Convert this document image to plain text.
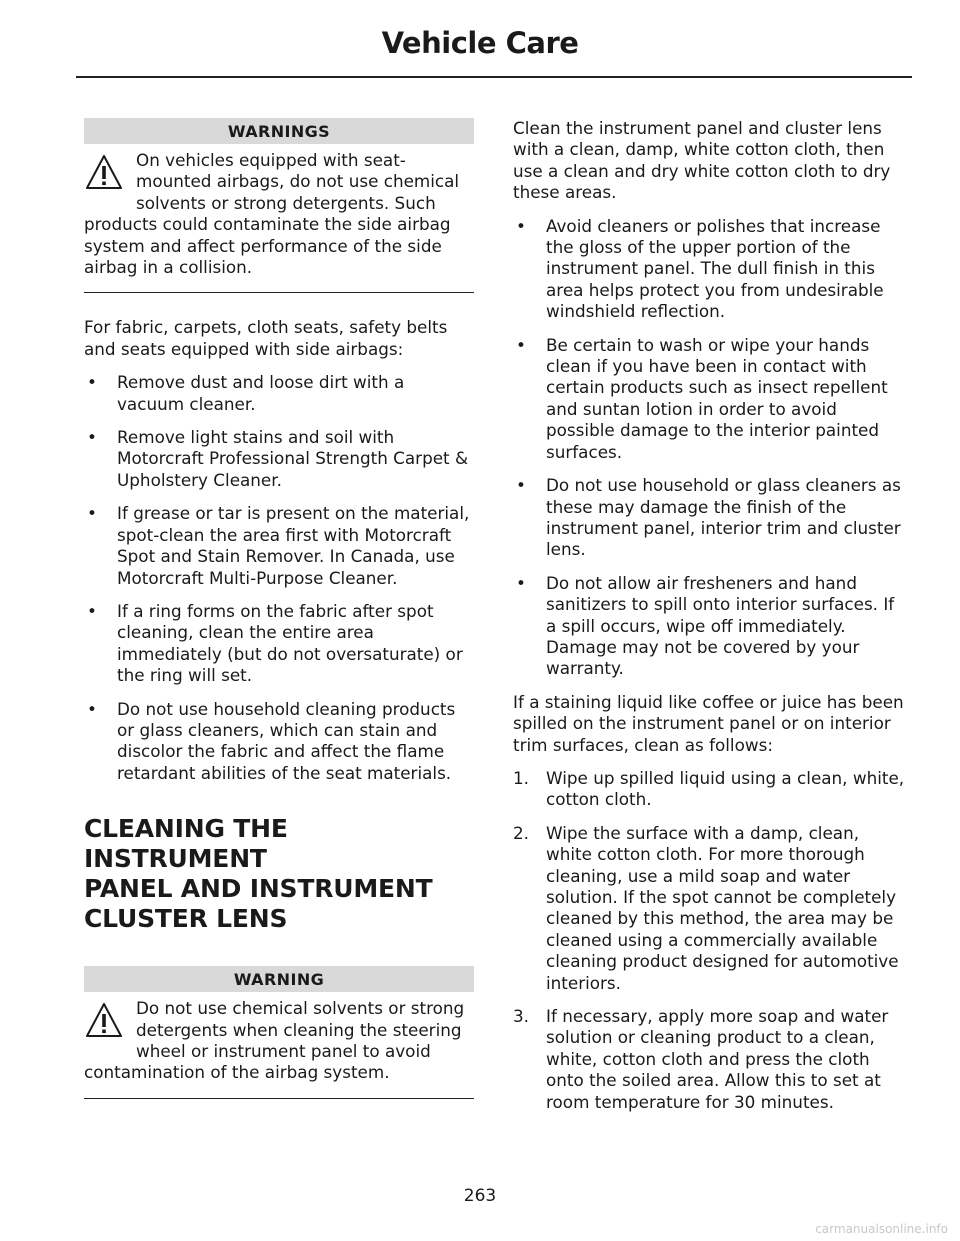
Vehicle Care
WARNINGS

On vehicles equipped with seat-mounted airbags, do not use chemical solvents or strong detergents. Such products could contaminate the side airbag system and affect performance of the side airbag in a collision.

For fabric, carpets, cloth seats, safety belts and seats equipped with side airbags:

• Remove dust and loose dirt with a vacuum cleaner.
• Remove light stains and soil with Motorcraft Professional Strength Carpet & Upholstery Cleaner.
• If grease or tar is present on the material, spot-clean the area first with Motorcraft Spot and Stain Remover. In Canada, use Motorcraft Multi-Purpose Cleaner.
• If a ring forms on the fabric after spot cleaning, clean the entire area immediately (but do not oversaturate) or the ring will set.
• Do not use household cleaning products or glass cleaners, which can stain and discolor the fabric and affect the flame retardant abilities of the seat materials.
CLEANING THE INSTRUMENT
PANEL AND INSTRUMENT
CLUSTER LENS
WARNING

Do not use chemical solvents or strong detergents when cleaning the steering wheel or instrument panel to avoid contamination of the airbag system.

Clean the instrument panel and cluster lens with a clean, damp, white cotton cloth, then use a clean and dry white cotton cloth to dry these areas.

• Avoid cleaners or polishes that increase the gloss of the upper portion of the instrument panel. The dull finish in this area helps protect you from undesirable windshield reflection.
• Be certain to wash or wipe your hands clean if you have been in contact with certain products such as insect repellent and suntan lotion in order to avoid possible damage to the interior painted surfaces.
• Do not use household or glass cleaners as these may damage the finish of the instrument panel, interior trim and cluster lens.
• Do not allow air fresheners and hand sanitizers to spill onto interior surfaces. If a spill occurs, wipe off immediately. Damage may not be covered by your warranty.

If a staining liquid like coffee or juice has been spilled on the instrument panel or on interior trim surfaces, clean as follows:

1. Wipe up spilled liquid using a clean, white, cotton cloth.
2. Wipe the surface with a damp, clean, white cotton cloth. For more thorough cleaning, use a mild soap and water solution. If the spot cannot be completely cleaned by this method, the area may be cleaned using a commercially available cleaning product designed for automotive interiors.
3. If necessary, apply more soap and water solution or cleaning product to a clean, white, cotton cloth and press the cloth onto the soiled area. Allow this to set at room temperature for 30 minutes.
263
carmanualsonline.info
